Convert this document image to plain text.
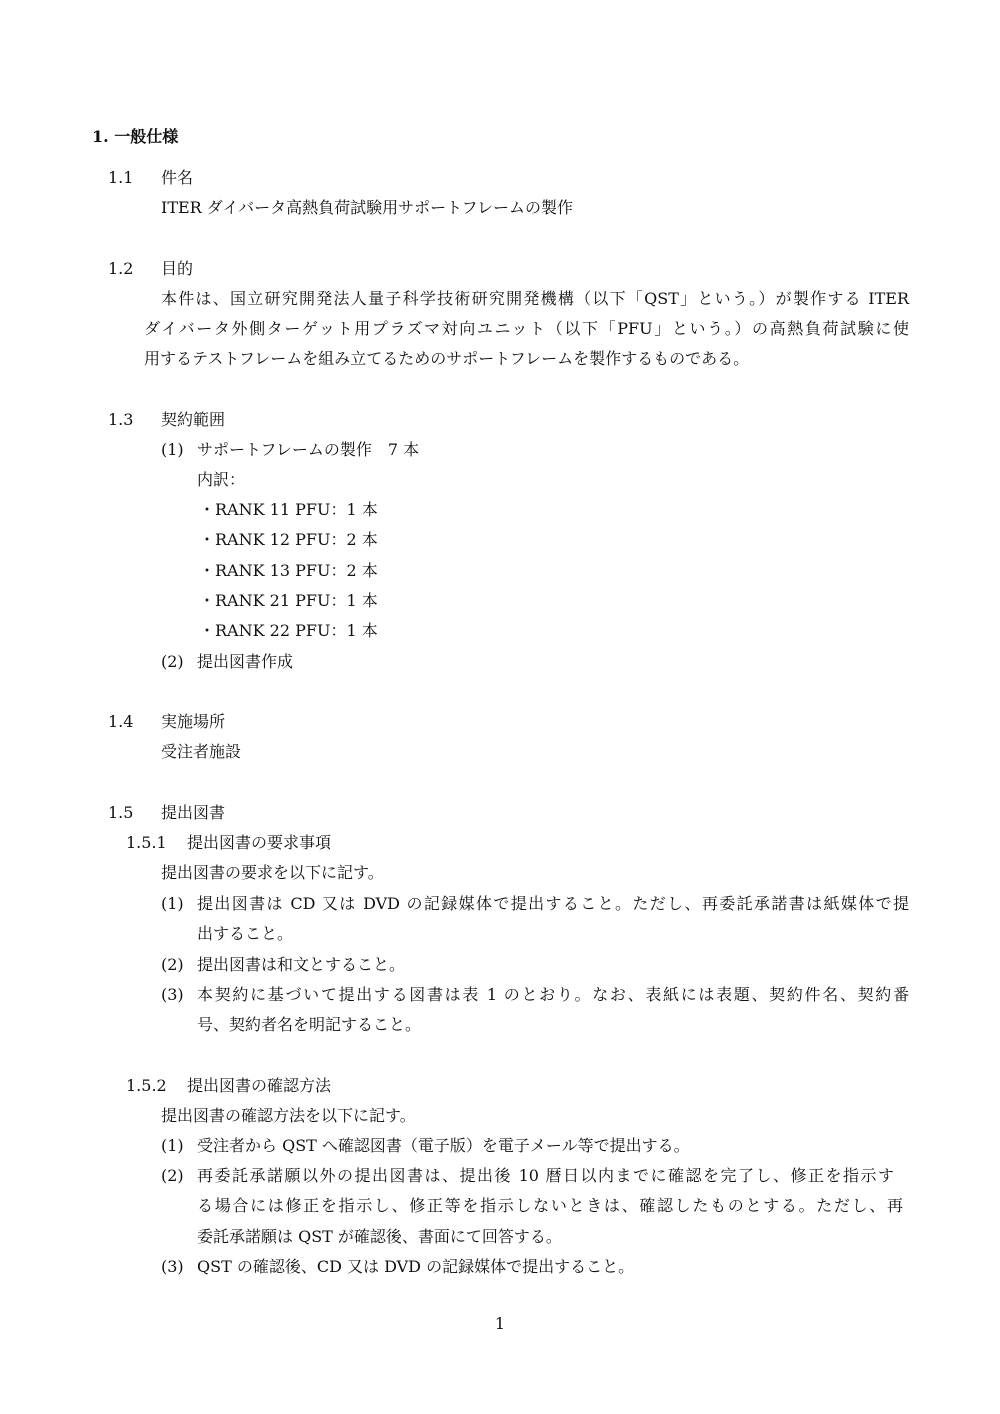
1. 一般仕様
1.1 件名
ITER ダイバータ高熱負荷試験用サポートフレームの製作
1.2 目的
本件は、国立研究開発法人量子科学技術研究開発機構（以下「QST」という。）が製作する ITER
ダイバータ外側ターゲット用プラズマ対向ユニット（以下「PFU」という。）の高熱負荷試験に使
用するテストフレームを組み立てるためのサポートフレームを製作するものである。
1.3 契約範囲
(1) サポートフレームの製作　7 本
内訳：
・RANK 11 PFU：1 本
・RANK 12 PFU：2 本
・RANK 13 PFU：2 本
・RANK 21 PFU：1 本
・RANK 22 PFU：1 本
(2) 提出図書作成
1.4 実施場所
受注者施設
1.5 提出図書
1.5.1 提出図書の要求事項
提出図書の要求を以下に記す。
(1) 提出図書は CD 又は DVD の記録媒体で提出すること。ただし、再委託承諾書は紙媒体で提
出すること。
(2) 提出図書は和文とすること。
(3) 本契約に基づいて提出する図書は表 1 のとおり。なお、表紙には表題、契約件名、契約番
号、契約者名を明記すること。
1.5.2 提出図書の確認方法
提出図書の確認方法を以下に記す。
(1) 受注者から QST へ確認図書（電子版）を電子メール等で提出する。
(2) 再委託承諾願以外の提出図書は、提出後 10 暦日以内までに確認を完了し、修正を指示す
る場合には修正を指示し、修正等を指示しないときは、確認したものとする。ただし、再
委託承諾願は QST が確認後、書面にて回答する。
(3) QST の確認後、CD 又は DVD の記録媒体で提出すること。
1
